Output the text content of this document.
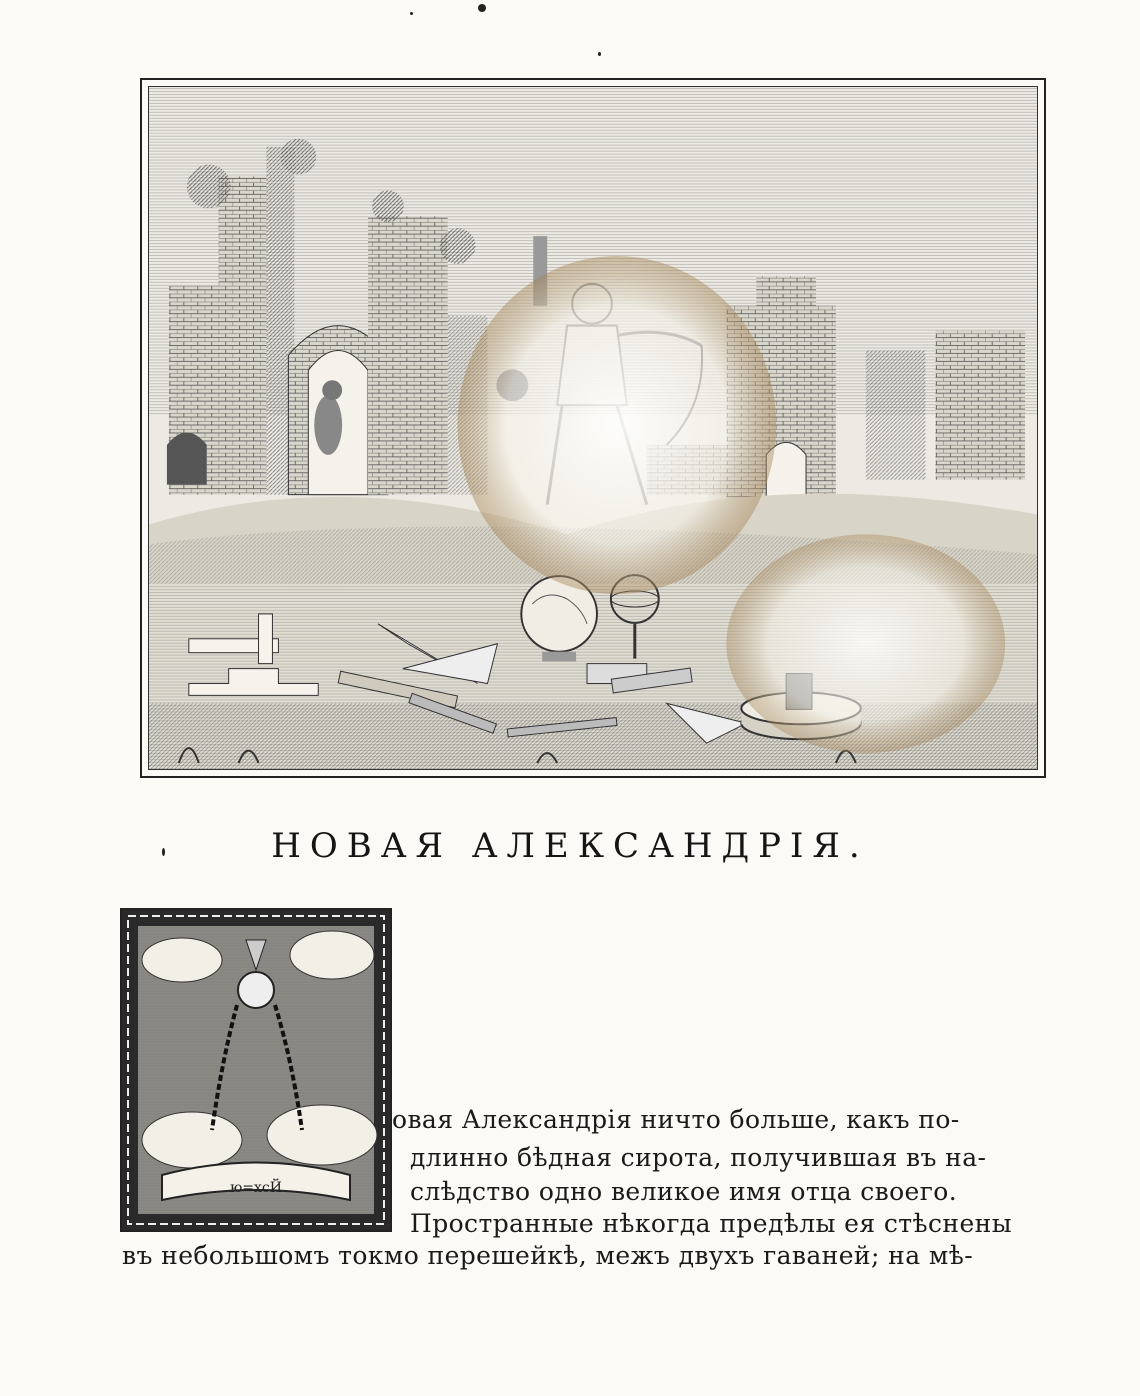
НОВАЯ АЛЕКСАНДРІЯ.
ю=хсЙ
овая Александрія ничто больше, какъ по-
длинно бѣдная сирота, получившая въ на-
слѣдство одно великое имя отца своего.
Пространные нѣкогда предѣлы ея стѣснены
въ небольшомъ токмо перешейкѣ, межъ двухъ гаваней; на мѣ-
